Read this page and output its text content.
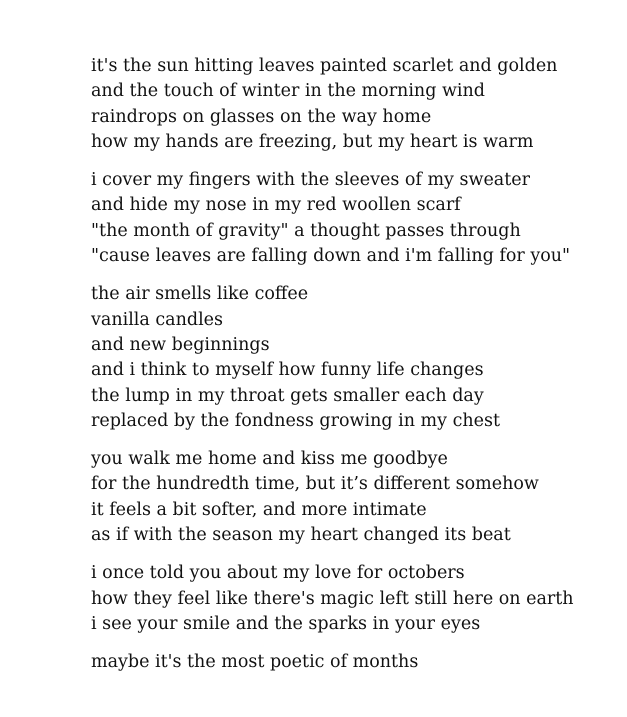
it's the sun hitting leaves painted scarlet and golden
and the touch of winter in the morning wind
raindrops on glasses on the way home
how my hands are freezing, but my heart is warm
i cover my fingers with the sleeves of my sweater
and hide my nose in my red woollen scarf
"the month of gravity" a thought passes through
"cause leaves are falling down and i'm falling for you"
the air smells like coffee
vanilla candles
and new beginnings
and i think to myself how funny life changes
the lump in my throat gets smaller each day
replaced by the fondness growing in my chest
you walk me home and kiss me goodbye
for the hundredth time, but it’s different somehow
it feels a bit softer, and more intimate
as if with the season my heart changed its beat
i once told you about my love for octobers
how they feel like there's magic left still here on earth
i see your smile and the sparks in your eyes
maybe it's the most poetic of months
